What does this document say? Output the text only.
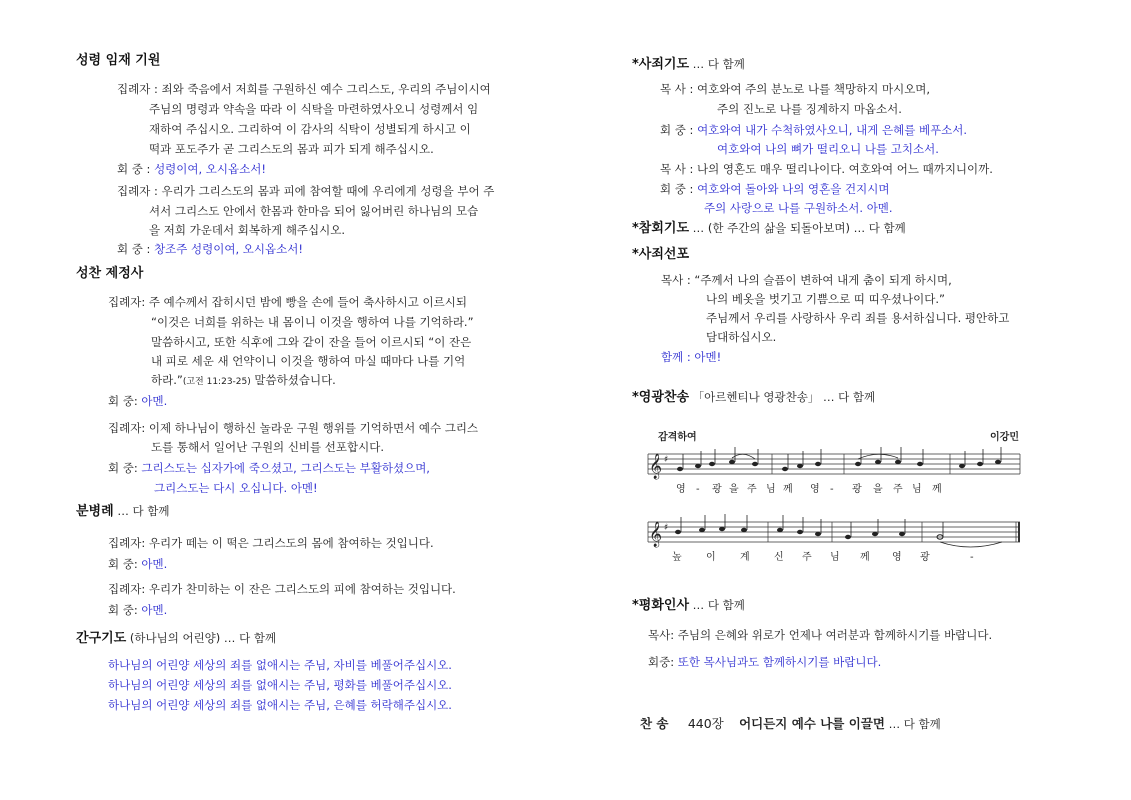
성령 임재 기원
집례자 : 죄와 죽음에서 저희를 구원하신 예수 그리스도, 우리의 주님이시여
주님의 명령과 약속을 따라 이 식탁을 마련하였사오니 성령께서 임
재하여 주십시오. 그리하여 이 감사의 식탁이 성별되게 하시고 이
떡과 포도주가 곧 그리스도의 몸과 피가 되게 해주십시오.
회 중 : 성령이여, 오시옵소서!
집례자 : 우리가 그리스도의 몸과 피에 참여할 때에 우리에게 성령을 부어 주
셔서 그리스도 안에서 한몸과 한마음 되어 잃어버린 하나님의 모습
을 저희 가운데서 회복하게 해주십시오.
회 중 : 창조주 성령이여, 오시옵소서!
성찬 제정사
집례자: 주 예수께서 잡히시던 밤에 빵을 손에 들어 축사하시고 이르시되
“이것은 너희를 위하는 내 몸이니 이것을 행하여 나를 기억하라.”
말씀하시고, 또한 식후에 그와 같이 잔을 들어 이르시되 “이 잔은
내 피로 세운 새 언약이니 이것을 행하여 마실 때마다 나를 기억
하라.”(고전 11:23-25) 말씀하셨습니다.
회 중: 아멘.
집례자: 이제 하나님이 행하신 놀라운 구원 행위를 기억하면서 예수 그리스
도를 통해서 일어난 구원의 신비를 선포합시다.
회 중: 그리스도는 십자가에 죽으셨고, 그리스도는 부활하셨으며,
그리스도는 다시 오십니다. 아멘!
분병례 … 다 함께
집례자: 우리가 떼는 이 떡은 그리스도의 몸에 참여하는 것입니다.
회 중: 아멘.
집례자: 우리가 찬미하는 이 잔은 그리스도의 피에 참여하는 것입니다.
회 중: 아멘.
간구기도 (하나님의 어린양) … 다 함께
하나님의 어린양 세상의 죄를 없애시는 주님, 자비를 베풀어주십시오.
하나님의 어린양 세상의 죄를 없애시는 주님, 평화를 베풀어주십시오.
하나님의 어린양 세상의 죄를 없애시는 주님, 은혜를 허락해주십시오.
*사죄기도 … 다 함께
목 사 : 여호와여 주의 분노로 나를 책망하지 마시오며,
주의 진노로 나를 징계하지 마옵소서.
회 중 : 여호와여 내가 수척하였사오니, 내게 은혜를 베푸소서.
여호와여 나의 뼈가 떨리오니 나를 고치소서.
목 사 : 나의 영혼도 매우 떨리나이다. 여호와여 어느 때까지니이까.
회 중 : 여호와여 돌아와 나의 영혼을 건지시며
주의 사랑으로 나를 구원하소서. 아멘.
*참회기도 … (한 주간의 삶을 되돌아보며) … 다 함께
*사죄선포
목사 : “주께서 나의 슬픔이 변하여 내게 춤이 되게 하시며,
나의 베옷을 벗기고 기쁨으로 띠 띠우셨나이다.”
주님께서 우리를 사랑하사 우리 죄를 용서하십니다. 평안하고
담대하십시오.
함께 : 아멘!
*영광찬송 「아르헨티나 영광찬송」 … 다 함께
감격하여	이강민
𝄞 ♯
영 - 광 을 주 님 께 영 - 광 을 주 님 께
𝄞 ♯
높 이 계 신 주 님 께 영 광	-
*평화인사 … 다 함께
목사: 주님의 은혜와 위로가 언제나 여러분과 함께하시기를 바랍니다.
회중: 또한 목사님과도 함께하시기를 바랍니다.
찬 송 440장 어디든지 예수 나를 이끌면 … 다 함께
